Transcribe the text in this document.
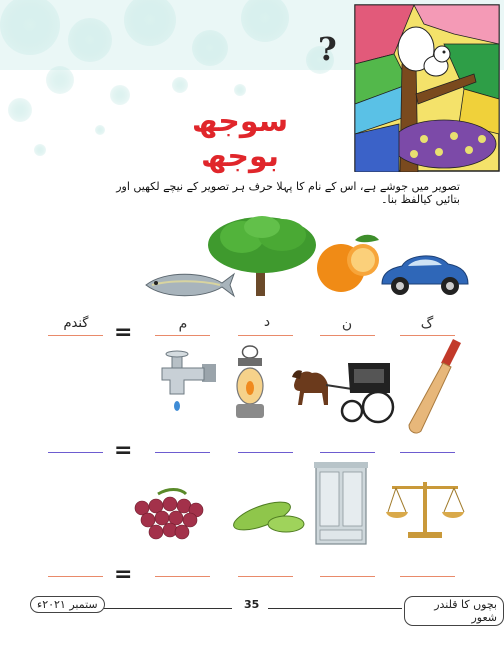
?
سوجھ بوجھ
تصویر میں جوشے ہے، اس کے نام کا پہلا حرف ہر تصویر کے نیچے لکھیں اور بتائیں کیالفظ بنا۔
گ
ن
د
م
=
گندم
=
=
ستمبر ۲۰۲۱ء	35	بچوں کا قلندر شعور
